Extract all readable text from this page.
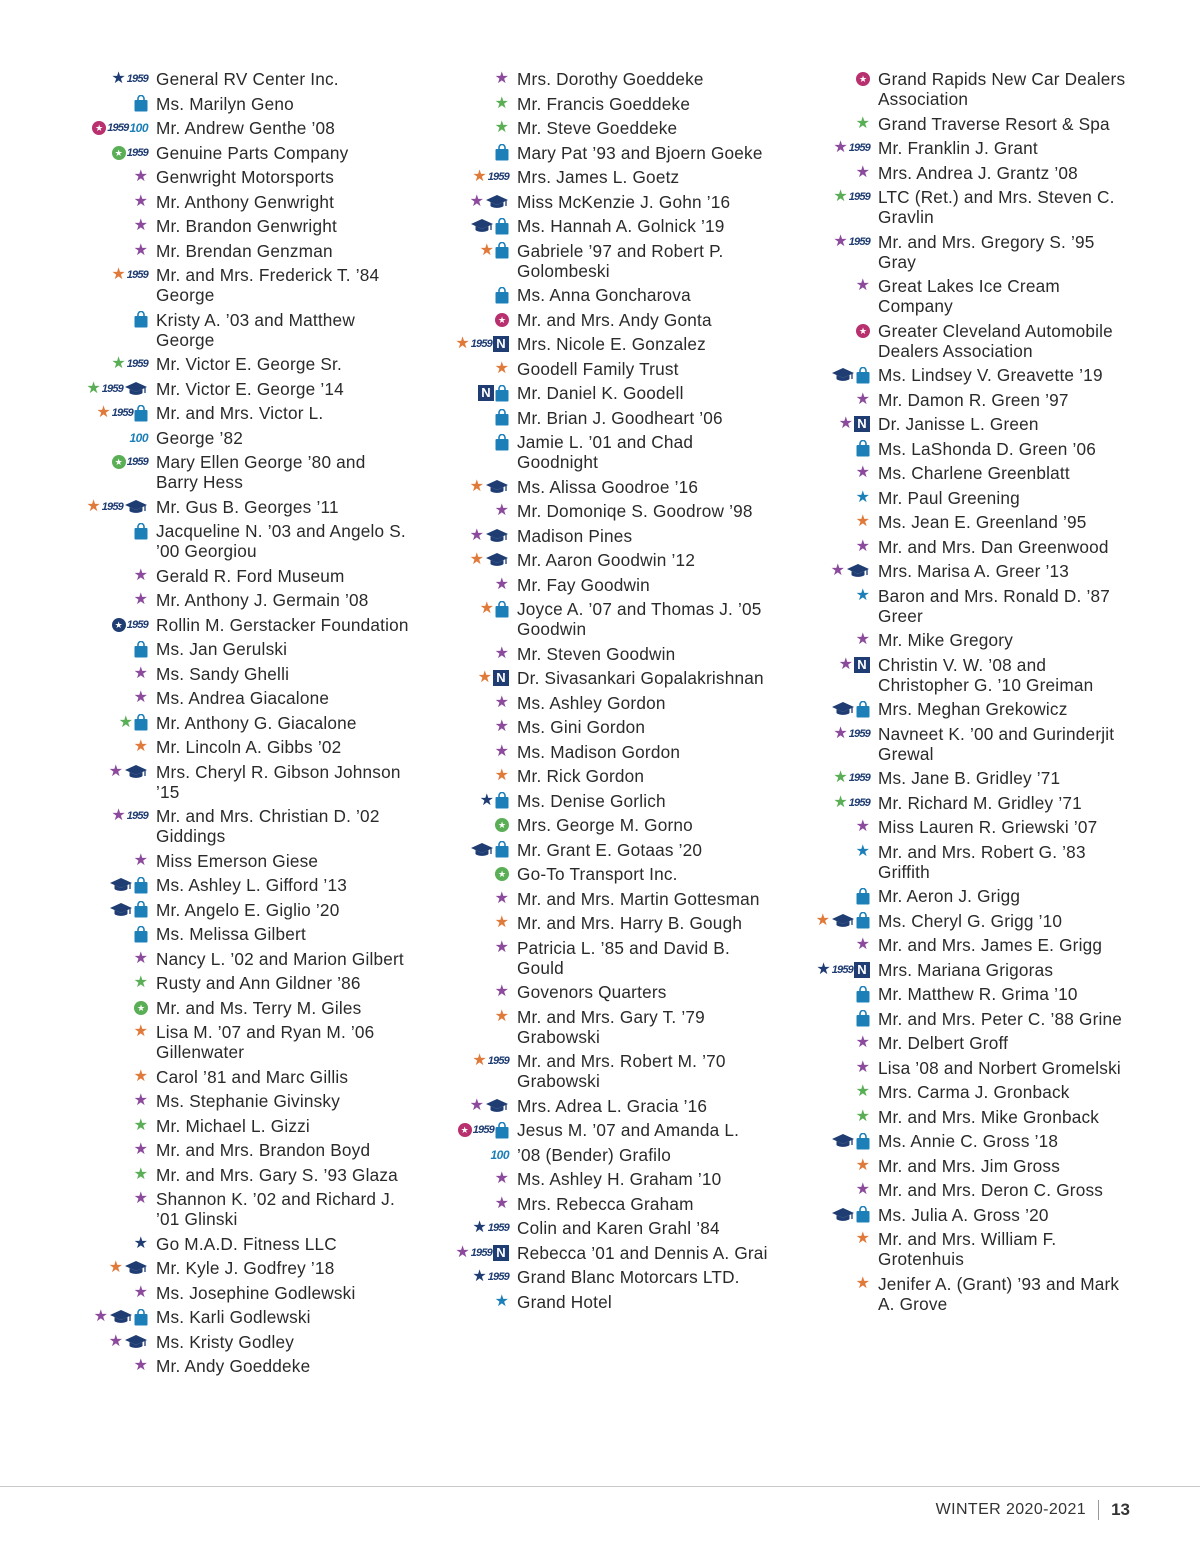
★ 1959 General RV Center Inc.
Ms. Marilyn Geno
★ 1959 100 Mr. Andrew Genthe ’08
★ 1959 Genuine Parts Company
★ Genwright Motorsports
★ Mr. Anthony Genwright
★ Mr. Brandon Genwright
★ Mr. Brendan Genzman
★ 1959 Mr. and Mrs. Frederick T. ’84 George
Kristy A. ’03 and Matthew George
★ 1959 Mr. Victor E. George Sr.
★ 1959 Mr. Victor E. George ’14
★ 1959 Mr. and Mrs. Victor L.
100 George ’82
★ 1959 Mary Ellen George ’80 and Barry Hess
★ 1959 Mr. Gus B. Georges ’11
Jacqueline N. ’03 and Angelo S. ’00 Georgiou
★ Gerald R. Ford Museum
★ Mr. Anthony J. Germain ’08
★ 1959 Rollin M. Gerstacker Foundation
Ms. Jan Gerulski
★ Ms. Sandy Ghelli
★ Ms. Andrea Giacalone
★ Mr. Anthony G. Giacalone
★ Mr. Lincoln A. Gibbs ’02
★ Mrs. Cheryl R. Gibson Johnson ’15
★ 1959 Mr. and Mrs. Christian D. ’02 Giddings
★ Miss Emerson Giese
Ms. Ashley L. Gifford ’13
Mr. Angelo E. Giglio ’20
Ms. Melissa Gilbert
★ Nancy L. ’02 and Marion Gilbert
★ Rusty and Ann Gildner ’86
★ Mr. and Ms. Terry M. Giles
★ Lisa M. ’07 and Ryan M. ’06 Gillenwater
★ Carol ’81 and Marc Gillis
★ Ms. Stephanie Givinsky
★ Mr. Michael L. Gizzi
★ Mr. and Mrs. Brandon Boyd
★ Mr. and Mrs. Gary S. ’93 Glaza
★ Shannon K. ’02 and Richard J. ’01 Glinski
★ Go M.A.D. Fitness LLC
★ Mr. Kyle J. Godfrey ’18
★ Ms. Josephine Godlewski
★	Ms. Karli Godlewski
★ Ms. Kristy Godley
★ Mr. Andy Goeddeke
★ Mrs. Dorothy Goeddeke
★ Mr. Francis Goeddeke
★ Mr. Steve Goeddeke
Mary Pat ’93 and Bjoern Goeke
★ 1959 Mrs. James L. Goetz
★ Miss McKenzie J. Gohn ’16
Ms. Hannah A. Golnick ’19
★ Gabriele ’97 and Robert P. Golombeski
Ms. Anna Goncharova
★ Mr. and Mrs. Andy Gonta
★ 1959 N Mrs. Nicole E. Gonzalez
★ Goodell Family Trust
N Mr. Daniel K. Goodell
Mr. Brian J. Goodheart ’06
Jamie L. ’01 and Chad Goodnight
★ Ms. Alissa Goodroe ’16
★ Mr. Domoniqe S. Goodrow ’98
★ Madison Pines
★ Mr. Aaron Goodwin ’12
★ Mr. Fay Goodwin
★ Joyce A. ’07 and Thomas J. ’05 Goodwin
★ Mr. Steven Goodwin
★ N Dr. Sivasankari Gopalakrishnan
★ Ms. Ashley Gordon
★ Ms. Gini Gordon
★ Ms. Madison Gordon
★ Mr. Rick Gordon
★ Ms. Denise Gorlich
★ Mrs. George M. Gorno
Mr. Grant E. Gotaas ’20
★ Go-To Transport Inc.
★ Mr. and Mrs. Martin Gottesman
★ Mr. and Mrs. Harry B. Gough
★ Patricia L. ’85 and David B. Gould
★ Govenors Quarters
★ Mr. and Mrs. Gary T. ’79 Grabowski
★ 1959 Mr. and Mrs. Robert M. ’70 Grabowski
★ Mrs. Adrea L. Gracia ’16
★ 1959 Jesus M. ’07 and Amanda L.
100 ’08 (Bender) Grafilo
★ Ms. Ashley H. Graham ’10
★ Mrs. Rebecca Graham
★ 1959 Colin and Karen Grahl ’84
★ 1959 N Rebecca ’01 and Dennis A. Grai
★ 1959 Grand Blanc Motorcars LTD.
★ Grand Hotel
★ Grand Rapids New Car Dealers Association
★ Grand Traverse Resort & Spa
★ 1959 Mr. Franklin J. Grant
★ Mrs. Andrea J. Grantz ’08
★ 1959 LTC (Ret.) and Mrs. Steven C. Gravlin
★ 1959 Mr. and Mrs. Gregory S. ’95 Gray
★ Great Lakes Ice Cream Company
★ Greater Cleveland Automobile Dealers Association
Ms. Lindsey V. Greavette ’19
★ Mr. Damon R. Green ’97
★ N Dr. Janisse L. Green
Ms. LaShonda D. Green ’06
★ Ms. Charlene Greenblatt
★ Mr. Paul Greening
★ Ms. Jean E. Greenland ’95
★ Mr. and Mrs. Dan Greenwood
★ Mrs. Marisa A. Greer ’13
★ Baron and Mrs. Ronald D. ’87 Greer
★ Mr. Mike Gregory
★ N Christin V. W. ’08 and Christopher G. ’10 Greiman
Mrs. Meghan Grekowicz
★ 1959 Navneet K. ’00 and Gurinderjit Grewal
★ 1959 Ms. Jane B. Gridley ’71
★ 1959 Mr. Richard M. Gridley ’71
★ Miss Lauren R. Griewski ’07
★ Mr. and Mrs. Robert G. ’83 Griffith
Mr. Aeron J. Grigg
★	Ms. Cheryl G. Grigg ’10
★ Mr. and Mrs. James E. Grigg
★ 1959 N Mrs. Mariana Grigoras
Mr. Matthew R. Grima ’10
Mr. and Mrs. Peter C. ’88 Grine
★ Mr. Delbert Groff
★ Lisa ’08 and Norbert Gromelski
★ Mrs. Carma J. Gronback
★ Mr. and Mrs. Mike Gronback
Ms. Annie C. Gross ’18
★ Mr. and Mrs. Jim Gross
★ Mr. and Mrs. Deron C. Gross
Ms. Julia A. Gross ’20
★ Mr. and Mrs. William F. Grotenhuis
★ Jenifer A. (Grant) ’93 and Mark A. Grove
WINTER 2020-2021 13
